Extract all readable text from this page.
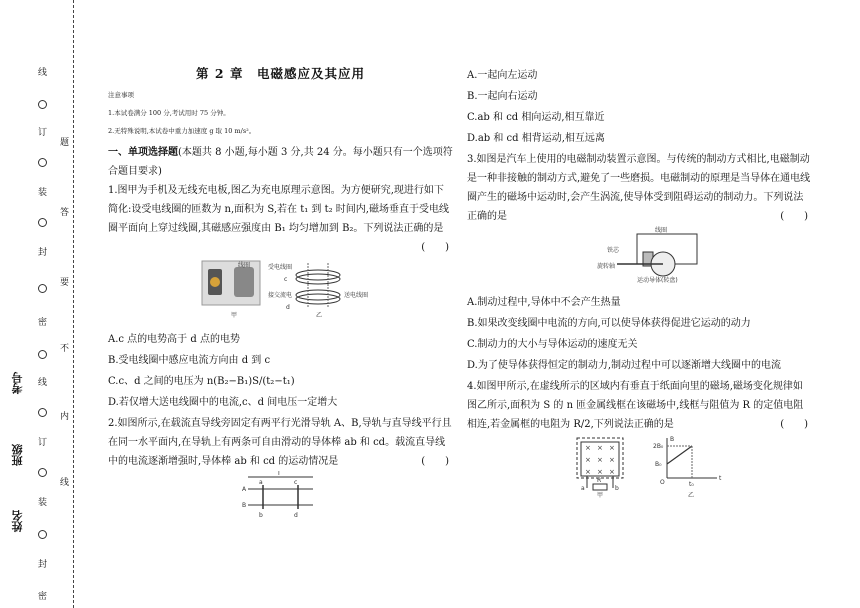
线
订
装
封
密
线
订
装
封
密
题
答
要
不
内
线
考号
班级
姓名
第 2 章　电磁感应及其应用

注意事项

1.本试卷满分 100 分,考试用时 75 分钟。

2.无特殊说明,本试卷中重力加速度 g 取 10 m/s²。

一、单项选择题(本题共 8 小题,每小题 3 分,共 24 分。每小题只有一个选项符合题目要求)

1.图甲为手机及无线充电板,图乙为充电原理示意图。为方便研究,现进行如下简化:设受电线圈的匝数为 n,面积为 S,若在 t₁ 到 t₂ 时间内,磁场垂直于受电线圈平面向上穿过线圈,其磁感应强度由 B₁ 均匀增加到 B₂。下列说法正确的是
(　　)

线圈
甲
受电线圈
接交流电	送电线圈
c
d
乙

A.c 点的电势高于 d 点的电势

B.受电线圈中感应电流方向由 d 到 c

C.c、d 之间的电压为 n(B₂−B₁)S/(t₂−t₁)

D.若仅增大送电线圈中的电流,c、d 间电压一定增大

2.如图所示,在载流直导线旁固定有两平行光滑导轨 A、B,导轨与直导线平行且在同一水平面内,在导轨上有两条可自由滑动的导体棒 ab 和 cd。载流直导线中的电流逐渐增强时,导体棒 ab 和 cd 的运动情况是	(　　)

I
A
B
a
b
c
d

A.一起向左运动

B.一起向右运动

C.ab 和 cd 相向运动,相互靠近

D.ab 和 cd 相背运动,相互远离

3.如图是汽车上使用的电磁制动装置示意图。与传统的制动方式相比,电磁制动是一种非接触的制动方式,避免了一些磨损。电磁制动的原理是当导体在通电线圈产生的磁场中运动时,会产生涡流,使导体受到阻碍运动的制动力。下列说法正确的是	(　　)

线圈
铁芯
旋转轴
运动导体(转盘)

A.制动过程中,导体中不会产生热量

B.如果改变线圈中电流的方向,可以使导体获得促进它运动的动力

C.制动力的大小与导体运动的速度无关

D.为了使导体获得恒定的制动力,制动过程中可以逐渐增大线圈中的电流

4.如图甲所示,在虚线所示的区域内有垂直于纸面向里的磁场,磁场变化规律如图乙所示,面积为 S 的 n 匝金属线框在该磁场中,线框与阻值为 R 的定值电阻相连,若金属框的电阻为 R/2,下列说法正确的是	(　　)

× × ×
× × ×
× × ×
R
a	b
甲
B
t
O
2B₀
B₀
t₀
乙
